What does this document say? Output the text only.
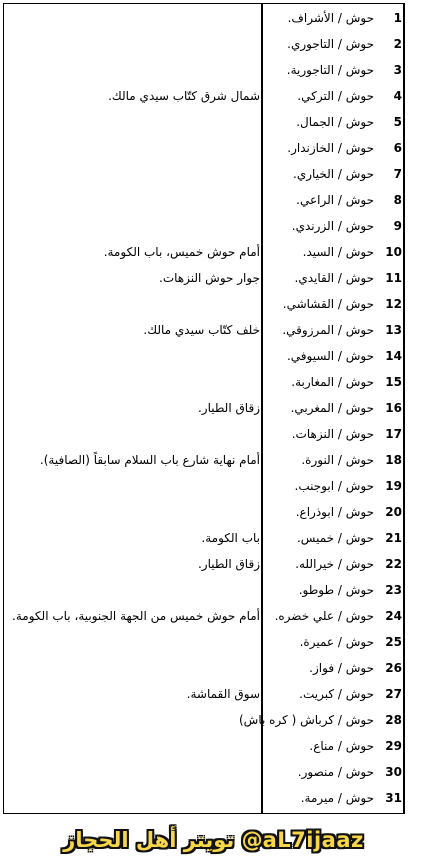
1
حوش / الأشراف.
2
حوش / التاجوري.
3
حوش / التاجورية.
4
حوش / التركي.
شمال شرق كتّاب سيدي مالك.
5
حوش / الجمال.
6
حوش / الخازندار.
7
حوش / الخياري.
8
حوش / الراعي.
9
حوش / الزرندي.
10
حوش / السيد.
أمام حوش خميس، باب الكومة.
11
حوش / القايدي.
جوار حوش النزهات.
12
حوش / القشاشي.
13
حوش / المرزوقي.
خلف كتّاب سيدي مالك.
14
حوش / السيوفي.
15
حوش / المغاربة.
16
حوش / المغربي.
زقاق الطيار.
17
حوش / النزهات.
18
حوش / النورة.
أمام نهاية شارع باب السلام سابقاً (الصافية).
19
حوش / ابوجنب.
20
حوش / ابوذراع.
21
حوش / خميس.
باب الكومة.
22
حوش / خيرالله.
زقاق الطيار.
23
حوش / طوطو.
24
حوش / علي خضره.
أمام حوش خميس من الجهة الجنوبية، باب الكومة.
25
حوش / عميرة.
26
حوش / فواز.
27
حوش / كبريت.
سوق القماشة.
28
حوش / كرباش ( كره باش)
29
حوش / مناع.
30
حوش / منصور.
31
حوش / ميرمة.
تويتر أهل الحجاز @aL7ijaaz
